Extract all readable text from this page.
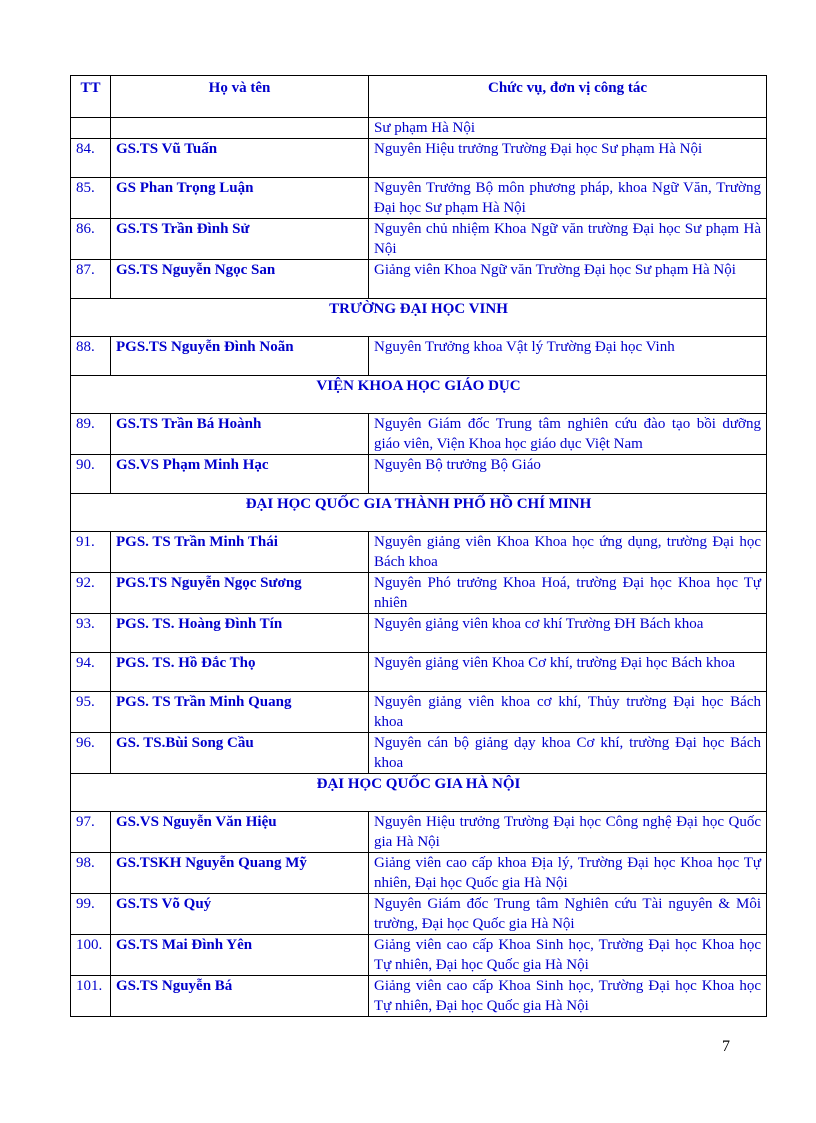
TT	Họ và tên	Chức vụ, đơn vị công tác
		Sư phạm Hà Nội
84.	GS.TS Vũ Tuấn	Nguyên Hiệu trưởng Trường Đại học Sư phạm Hà Nội
85.	GS Phan Trọng Luận	Nguyên Trưởng Bộ môn phương pháp, khoa Ngữ Văn, Trường Đại học Sư phạm Hà Nội
86.	GS.TS Trần Đình Sử	Nguyên chủ nhiệm Khoa Ngữ văn trường Đại học Sư phạm Hà Nội
87.	GS.TS Nguyễn Ngọc San	Giảng viên Khoa Ngữ văn Trường Đại học Sư phạm Hà Nội
TRƯỜNG ĐẠI HỌC VINH		
88.	PGS.TS Nguyễn Đình Noãn	Nguyên Trưởng khoa Vật lý Trường Đại học Vinh
VIỆN KHOA HỌC GIÁO DỤC		
89.	GS.TS Trần Bá Hoành	Nguyên Giám đốc Trung tâm nghiên cứu đào tạo bồi dưỡng giáo viên, Viện Khoa học giáo dục Việt Nam
90.	GS.VS Phạm Minh Hạc	Nguyên Bộ trưởng Bộ Giáo
ĐẠI HỌC QUỐC GIA THÀNH PHỐ HỒ CHÍ MINH		
91.	PGS. TS Trần Minh Thái	Nguyên giảng viên Khoa Khoa học ứng dụng, trường Đại học Bách khoa
92.	PGS.TS Nguyễn Ngọc Sương	Nguyên Phó trưởng Khoa Hoá, trường Đại học Khoa học Tự nhiên
93.	PGS. TS. Hoàng Đình Tín	Nguyên giảng viên khoa cơ khí Trường ĐH Bách khoa
94.	PGS. TS. Hồ Đắc Thọ	Nguyên giảng viên Khoa Cơ khí, trường Đại học Bách khoa
95.	PGS. TS Trần Minh Quang	Nguyên giảng viên khoa cơ khí, Thủy trường Đại học Bách khoa
96.	GS. TS.Bùi Song Cầu	Nguyên cán bộ giảng dạy khoa Cơ khí, trường Đại học Bách khoa
ĐẠI HỌC QUỐC GIA HÀ NỘI		
97.	GS.VS Nguyễn Văn Hiệu	Nguyên Hiệu trưởng Trường Đại học Công nghệ Đại học Quốc gia Hà Nội
98.	GS.TSKH Nguyễn Quang Mỹ	Giảng viên cao cấp khoa Địa lý, Trường Đại học Khoa học Tự nhiên, Đại học Quốc gia Hà Nội
99.	GS.TS Võ Quý	Nguyên Giám đốc Trung tâm Nghiên cứu Tài nguyên & Môi trường, Đại học Quốc gia Hà Nội
100.	GS.TS Mai Đình Yên	Giảng viên cao cấp Khoa Sinh học, Trường Đại học Khoa học Tự nhiên, Đại học Quốc gia Hà Nội
101.	GS.TS Nguyễn Bá	Giảng viên cao cấp Khoa Sinh học, Trường Đại học Khoa học Tự nhiên, Đại học Quốc gia Hà Nội
7
